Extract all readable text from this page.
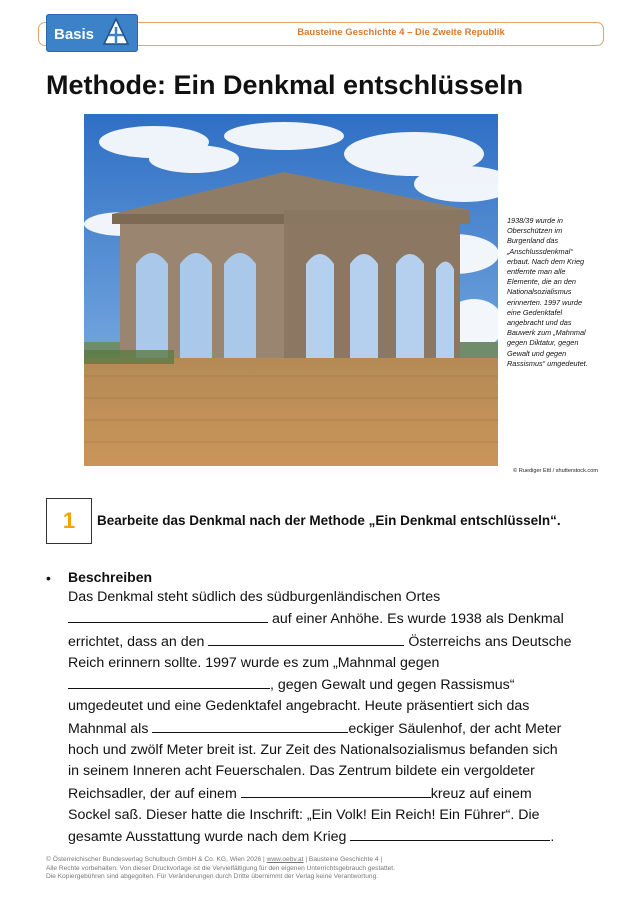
Bausteine Geschichte 4 – Die Zweite Republik
Basis
Methode: Ein Denkmal entschlüsseln
1938/39 wurde in Oberschützen im Burgenland das „Anschlussdenkmal“ erbaut. Nach dem Krieg entfernte man alle Elemente, die an den Nationalsozialismus erinnerten. 1997 wurde eine Gedenktafel angebracht und das Bauwerk zum „Mahnmal gegen Diktatur, gegen Gewalt und gegen Rassismus“ umgedeutet.
© Ruediger Ettl / shutterstock.com
1 Bearbeite das Denkmal nach der Methode „Ein Denkmal entschlüsseln“.
• Beschreiben
Das Denkmal steht südlich des südburgenländischen Ortes
auf einer Anhöhe. Es wurde 1938 als Denkmal
errichtet, dass an den	Österreichs ans Deutsche
Reich erinnern sollte. 1997 wurde es zum „Mahnmal gegen
, gegen Gewalt und gegen Rassismus“
umgedeutet und eine Gedenktafel angebracht. Heute präsentiert sich das
Mahnmal als	eckiger Säulenhof, der acht Meter
hoch und zwölf Meter breit ist. Zur Zeit des Nationalsozialismus befanden sich
in seinem Inneren acht Feuerschalen. Das Zentrum bildete ein vergoldeter
Reichsadler, der auf einem	kreuz auf einem
Sockel saß. Dieser hatte die Inschrift: „Ein Volk! Ein Reich! Ein Führer“. Die
gesamte Ausstattung wurde nach dem Krieg	.
© Österreichischer Bundesverlag Schulbuch GmbH & Co. KG, Wien 2026 | www.oebv.at | Bausteine Geschichte 4 |
Alle Rechte vorbehalten. Von dieser Druckvorlage ist die Vervielfältigung für den eigenen Unterrichtsgebrauch gestattet.
Die Kopiergebühren sind abgegolten. Für Veränderungen durch Dritte übernimmt der Verlag keine Verantwortung.
